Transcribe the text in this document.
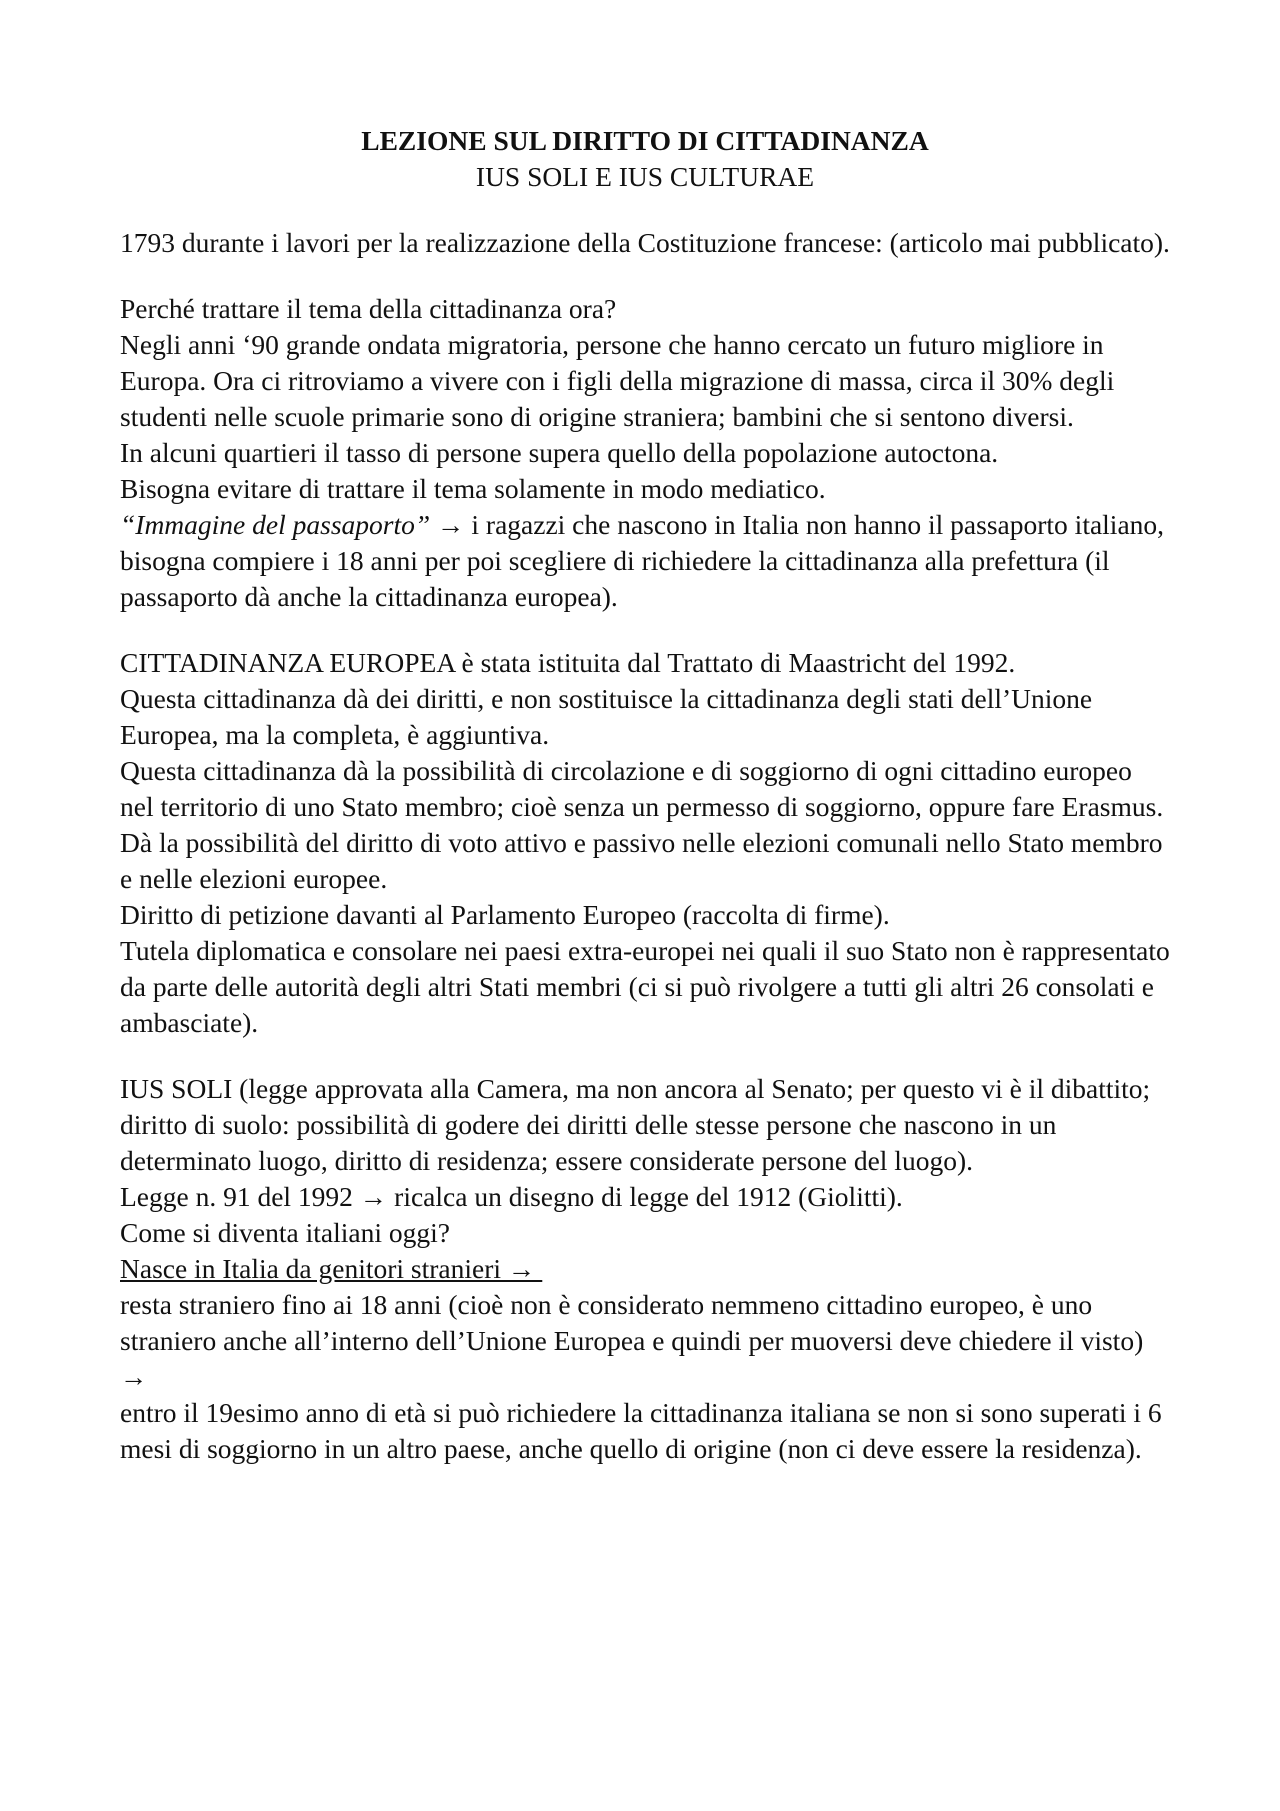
LEZIONE SUL DIRITTO DI CITTADINANZA

IUS SOLI E IUS CULTURAE

1793 durante i lavori per la realizzazione della Costituzione francese: (articolo mai pubblicato).

Perché trattare il tema della cittadinanza ora?
Negli anni ‘90 grande ondata migratoria, persone che hanno cercato un futuro migliore in Europa. Ora ci ritroviamo a vivere con i figli della migrazione di massa, circa il 30% degli studenti nelle scuole primarie sono di origine straniera; bambini che si sentono diversi.
In alcuni quartieri il tasso di persone supera quello della popolazione autoctona.
Bisogna evitare di trattare il tema solamente in modo mediatico.
“Immagine del passaporto” → i ragazzi che nascono in Italia non hanno il passaporto italiano, bisogna compiere i 18 anni per poi scegliere di richiedere la cittadinanza alla prefettura (il passaporto dà anche la cittadinanza europea).
CITTADINANZA EUROPEA è stata istituita dal Trattato di Maastricht del 1992.
Questa cittadinanza dà dei diritti, e non sostituisce la cittadinanza degli stati dell’Unione Europea, ma la completa, è aggiuntiva.
Questa cittadinanza dà la possibilità di circolazione e di soggiorno di ogni cittadino europeo nel territorio di uno Stato membro; cioè senza un permesso di soggiorno, oppure fare Erasmus.
Dà la possibilità del diritto di voto attivo e passivo nelle elezioni comunali nello Stato membro e nelle elezioni europee.
Diritto di petizione davanti al Parlamento Europeo (raccolta di firme).
Tutela diplomatica e consolare nei paesi extra-europei nei quali il suo Stato non è rappresentato da parte delle autorità degli altri Stati membri (ci si può rivolgere a tutti gli altri 26 consolati e ambasciate).
IUS SOLI (legge approvata alla Camera, ma non ancora al Senato; per questo vi è il dibattito; diritto di suolo: possibilità di godere dei diritti delle stesse persone che nascono in un determinato luogo, diritto di residenza; essere considerate persone del luogo).
Legge n. 91 del 1992 → ricalca un disegno di legge del 1912 (Giolitti).
Come si diventa italiani oggi?
Nasce in Italia da genitori stranieri →
resta straniero fino ai 18 anni (cioè non è considerato nemmeno cittadino europeo, è uno straniero anche all’interno dell’Unione Europea e quindi per muoversi deve chiedere il visto) →
entro il 19esimo anno di età si può richiedere la cittadinanza italiana se non si sono superati i 6 mesi di soggiorno in un altro paese, anche quello di origine (non ci deve essere la residenza).
